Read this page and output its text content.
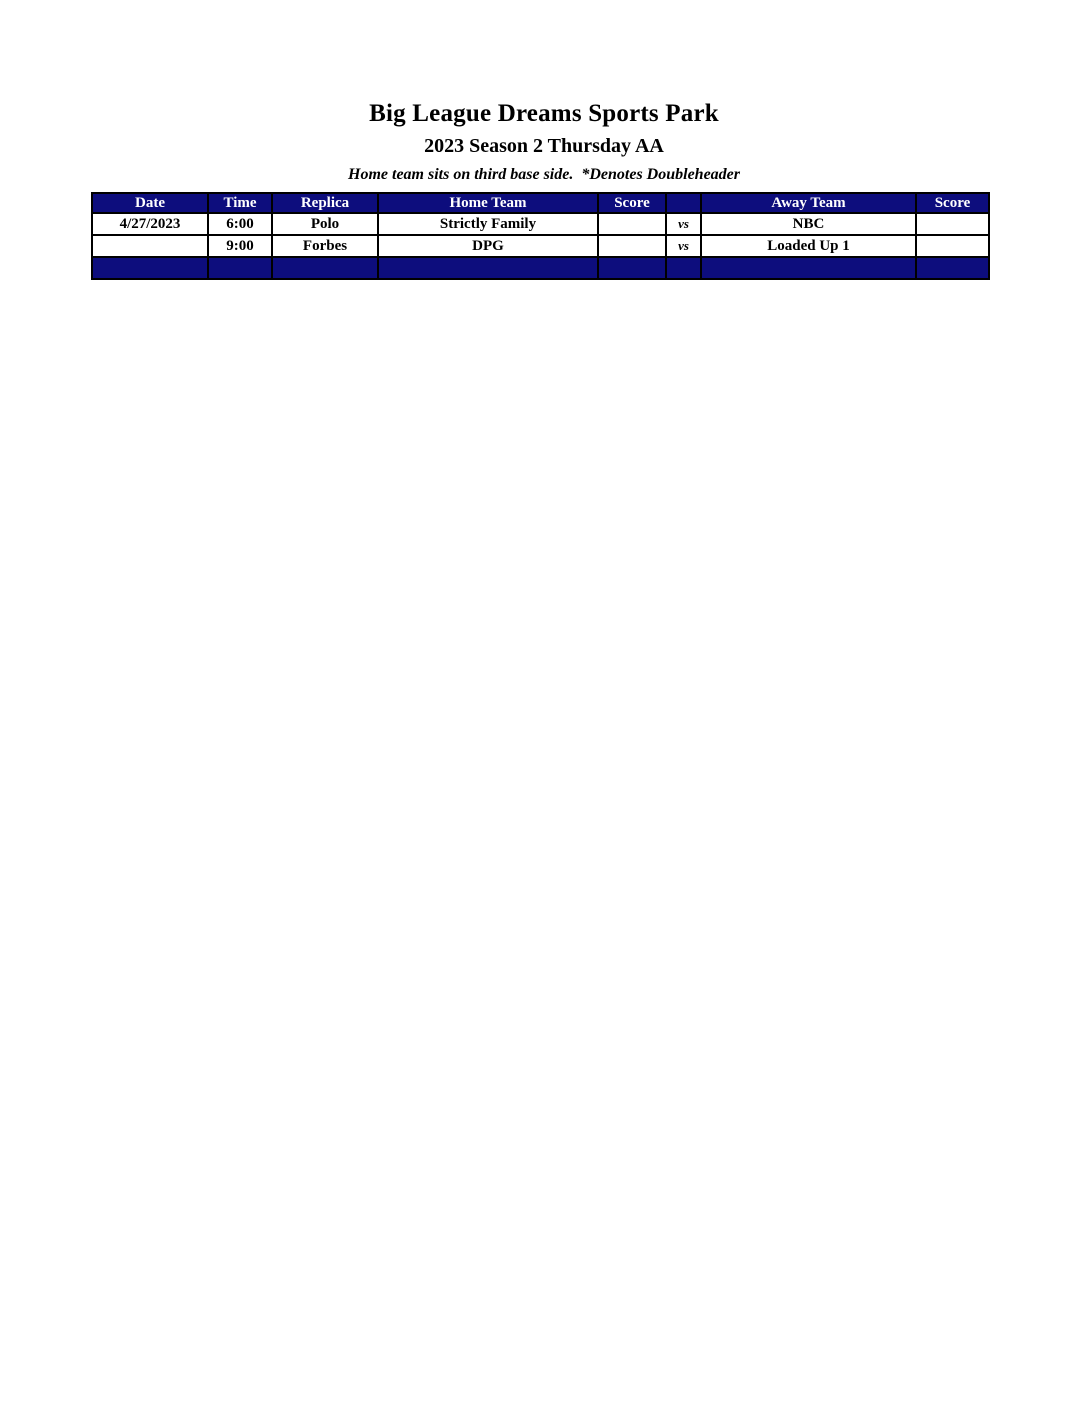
Big League Dreams Sports Park
2023 Season 2 Thursday AA
Home team sits on third base side.  *Denotes Doubleheader
Date	Time	Replica	Home Team	Score		Away Team	Score
4/27/2023	6:00	Polo	Strictly Family		vs	NBC	
	9:00	Forbes	DPG		vs	Loaded Up 1	
